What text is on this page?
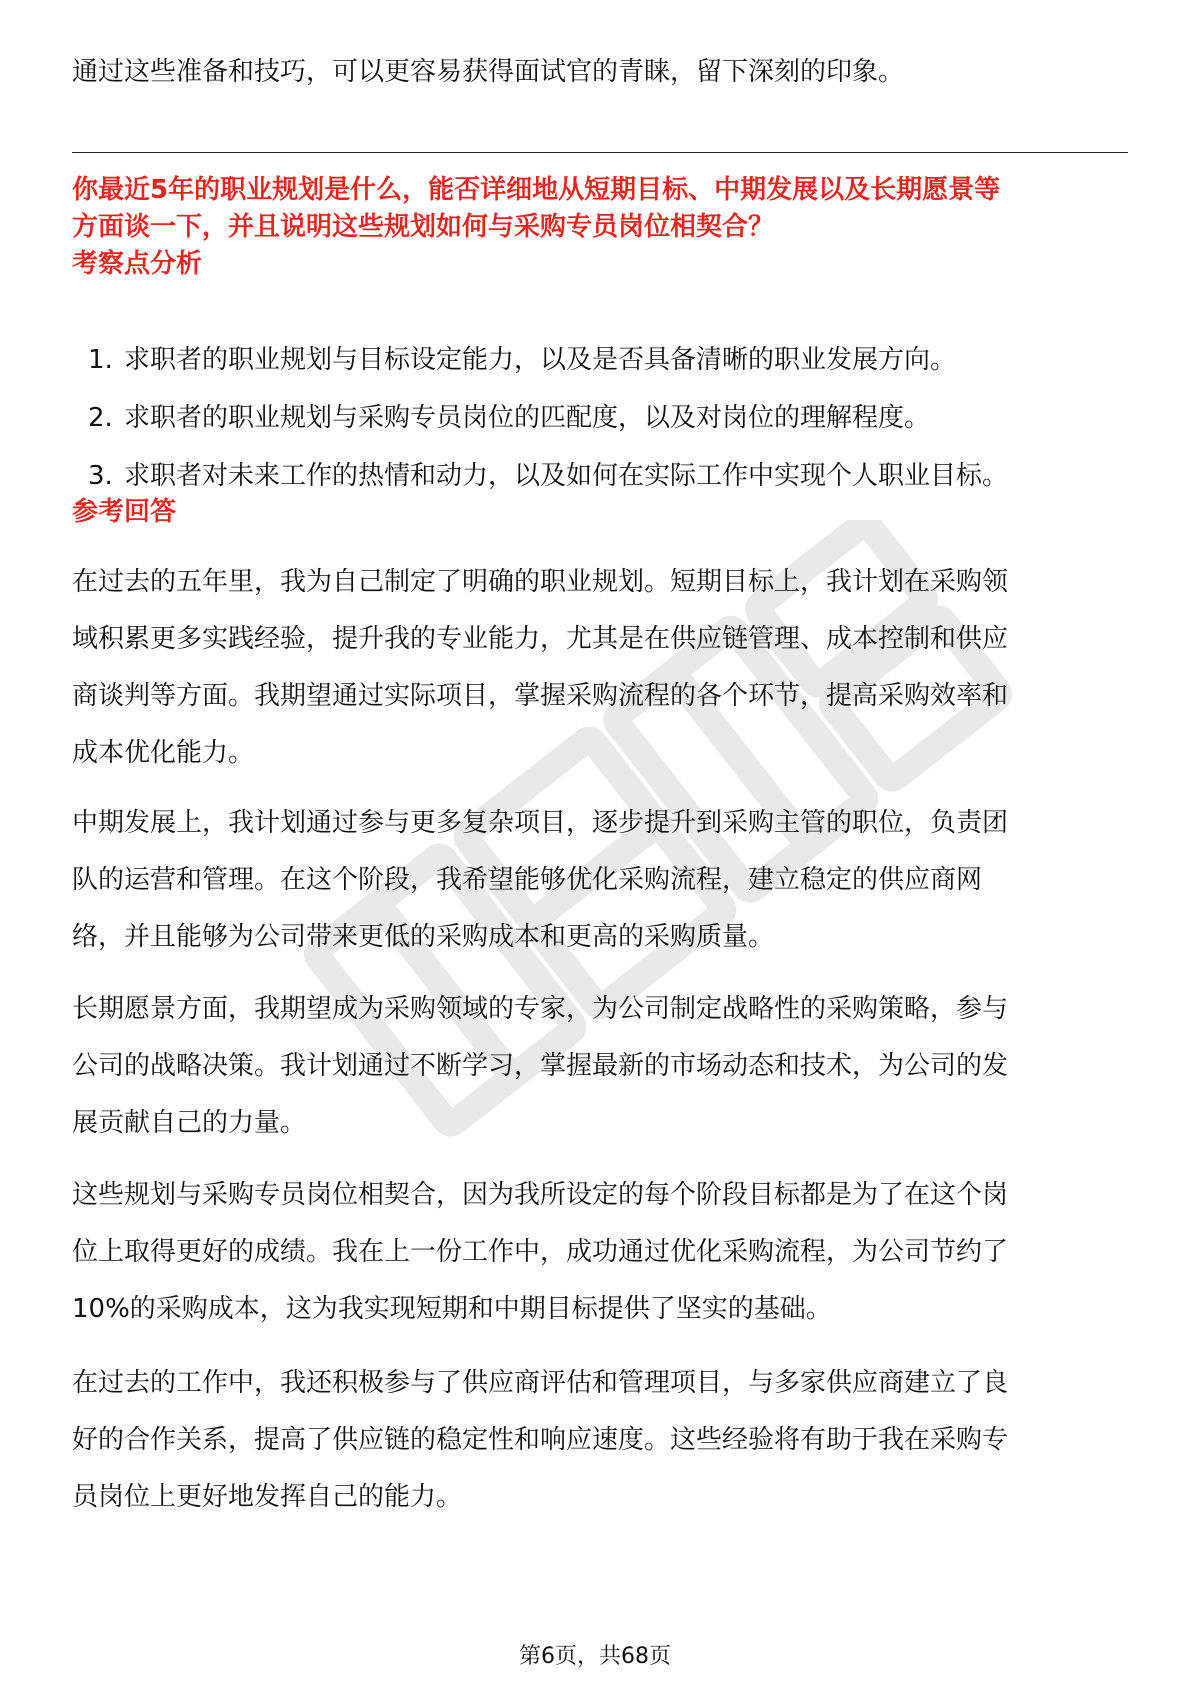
通过这些准备和技巧，可以更容易获得面试官的青睐，留下深刻的印象。

你最近5年的职业规划是什么，能否详细地从短期目标、中期发展以及长期愿景等
方面谈一下，并且说明这些规划如何与采购专员岗位相契合？

考察点分析
1. 求职者的职业规划与目标设定能力，以及是否具备清晰的职业发展方向。
2. 求职者的职业规划与采购专员岗位的匹配度，以及对岗位的理解程度。
3. 求职者对未来工作的热情和动力，以及如何在实际工作中实现个人职业目标。
参考回答

在过去的五年里，我为自己制定了明确的职业规划。短期目标上，我计划在采购领
域积累更多实践经验，提升我的专业能力，尤其是在供应链管理、成本控制和供应
商谈判等方面。我期望通过实际项目，掌握采购流程的各个环节，提高采购效率和
成本优化能力。

中期发展上，我计划通过参与更多复杂项目，逐步提升到采购主管的职位，负责团
队的运营和管理。在这个阶段，我希望能够优化采购流程，建立稳定的供应商网
络，并且能够为公司带来更低的采购成本和更高的采购质量。

长期愿景方面，我期望成为采购领域的专家，为公司制定战略性的采购策略，参与
公司的战略决策。我计划通过不断学习，掌握最新的市场动态和技术，为公司的发
展贡献自己的力量。

这些规划与采购专员岗位相契合，因为我所设定的每个阶段目标都是为了在这个岗
位上取得更好的成绩。我在上一份工作中，成功通过优化采购流程，为公司节约了
10%的采购成本，这为我实现短期和中期目标提供了坚实的基础。

在过去的工作中，我还积极参与了供应商评估和管理项目，与多家供应商建立了良
好的合作关系，提高了供应链的稳定性和响应速度。这些经验将有助于我在采购专
员岗位上更好地发挥自己的能力。

第6页，共68页
